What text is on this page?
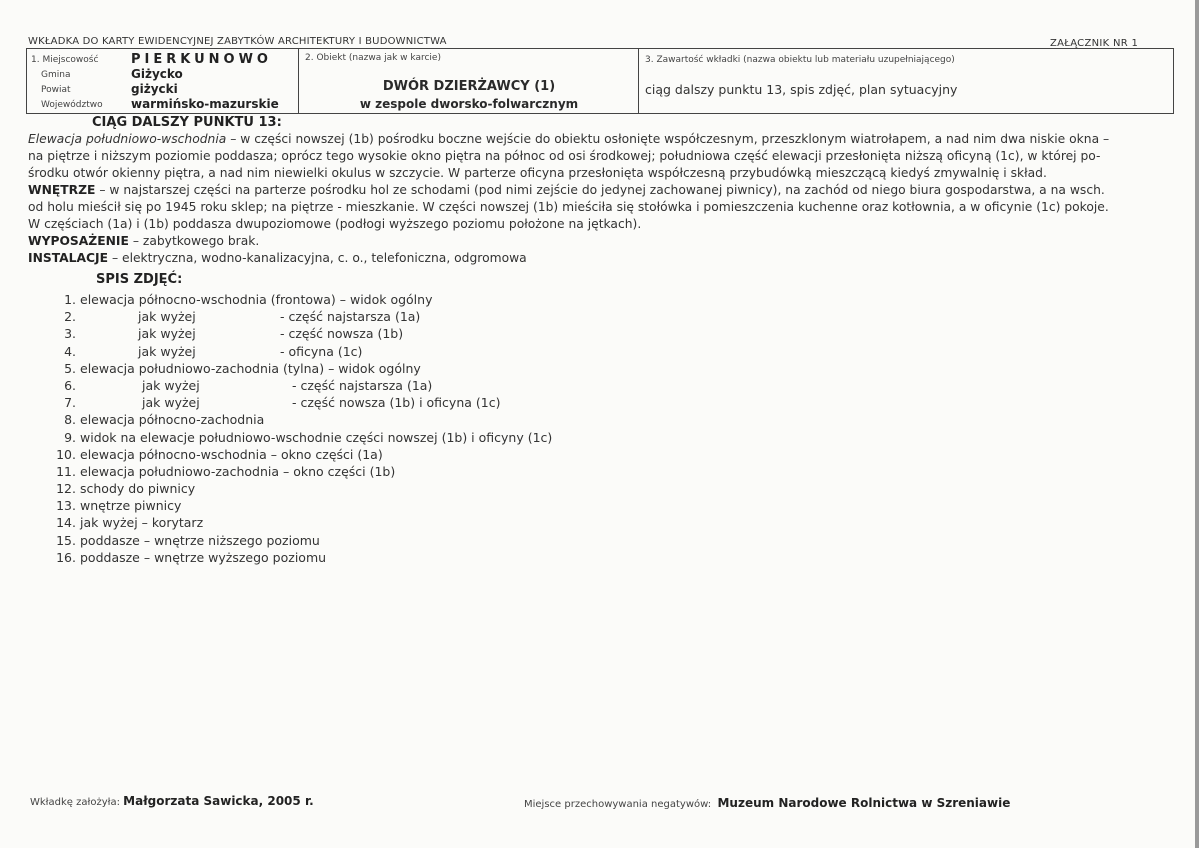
WKŁADKA DO KARTY EWIDENCYJNEJ ZABYTKÓW ARCHITEKTURY I BUDOWNICTWA	ZAŁĄCZNIK NR 1
1. Miejscowość	PIERKUNOWO
Gmina	Giżycko
Powiat	giżycki
Województwo warmińsko-mazurskie
2. Obiekt (nazwa jak w karcie)
DWÓR DZIERŻAWCY (1)
w zespole dworsko-folwarcznym
3. Zawartość wkładki (nazwa obiektu lub materiału uzupełniającego)
ciąg dalszy punktu 13, spis zdjęć, plan sytuacyjny
CIĄG DALSZY PUNKTU 13:

Elewacja południowo-wschodnia – w części nowszej (1b) pośrodku boczne wejście do obiektu osłonięte współczesnym, przeszklonym wiatrołapem, a nad nim dwa niskie okna –

na piętrze i niższym poziomie poddasza; oprócz tego wysokie okno piętra na północ od osi środkowej; południowa część elewacji przesłonięta niższą oficyną (1c), w której po-

środku otwór okienny piętra, a nad nim niewielki okulus w szczycie. W parterze oficyna przesłonięta współczesną przybudówką mieszczącą kiedyś zmywalnię i skład.

WNĘTRZE – w najstarszej części na parterze pośrodku hol ze schodami (pod nimi zejście do jedynej zachowanej piwnicy), na zachód od niego biura gospodarstwa, a na wsch.

od holu mieścił się po 1945 roku sklep; na piętrze - mieszkanie. W części nowszej (1b) mieściła się stołówka i pomieszczenia kuchenne oraz kotłownia, a w oficynie (1c) pokoje.

W częściach (1a) i (1b) poddasza dwupoziomowe (podłogi wyższego poziomu położone na jętkach).

WYPOSAŻENIE – zabytkowego brak.

INSTALACJE – elektryczna, wodno-kanalizacyjna, c. o., telefoniczna, odgromowa

SPIS ZDJĘĆ:
1. elewacja północno-wschodnia (frontowa) – widok ogólny
2.	jak wyżej	- część najstarsza (1a)
3.	jak wyżej	- część nowsza (1b)
4.	jak wyżej	- oficyna (1c)
5. elewacja południowo-zachodnia (tylna) – widok ogólny
6.	jak wyżej	- część najstarsza (1a)
7.	jak wyżej	- część nowsza (1b) i oficyna (1c)
8. elewacja północno-zachodnia
9. widok na elewacje południowo-wschodnie części nowszej (1b) i oficyny (1c)
10. elewacja północno-wschodnia – okno części (1a)
11. elewacja południowo-zachodnia – okno części (1b)
12. schody do piwnicy
13. wnętrze piwnicy
14. jak wyżej – korytarz
15. poddasze – wnętrze niższego poziomu
16. poddasze – wnętrze wyższego poziomu
Wkładkę założyła: Małgorzata Sawicka, 2005 r.	Miejsce przechowywania negatywów: Muzeum Narodowe Rolnictwa w Szreniawie
